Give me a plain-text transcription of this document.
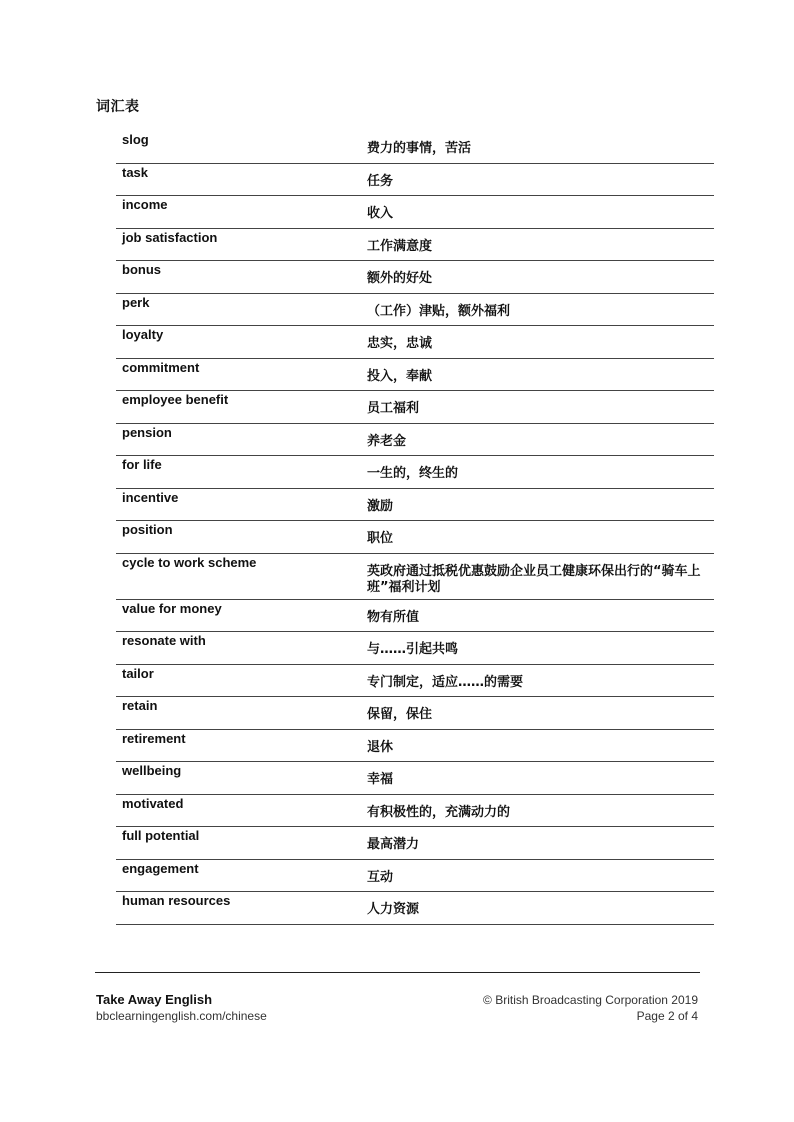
词汇表
slog
费力的事情，苦活
task
任务
income
收入
job satisfaction
工作满意度
bonus
额外的好处
perk
（工作）津贴，额外福利
loyalty
忠实，忠诚
commitment
投入，奉献
employee benefit
员工福利
pension
养老金
for life
一生的，终生的
incentive
激励
position
职位
cycle to work scheme
英政府通过抵税优惠鼓励企业员工健康环保出行的“骑车上班”福利计划
value for money
物有所值
resonate with
与……引起共鸣
tailor
专门制定，适应……的需要
retain
保留，保住
retirement
退休
wellbeing
幸福
motivated
有积极性的，充满动力的
full potential
最高潜力
engagement
互动
human resources
人力资源
Take Away English
bbclearningenglish.com/chinese
© British Broadcasting Corporation 2019
Page 2 of 4
